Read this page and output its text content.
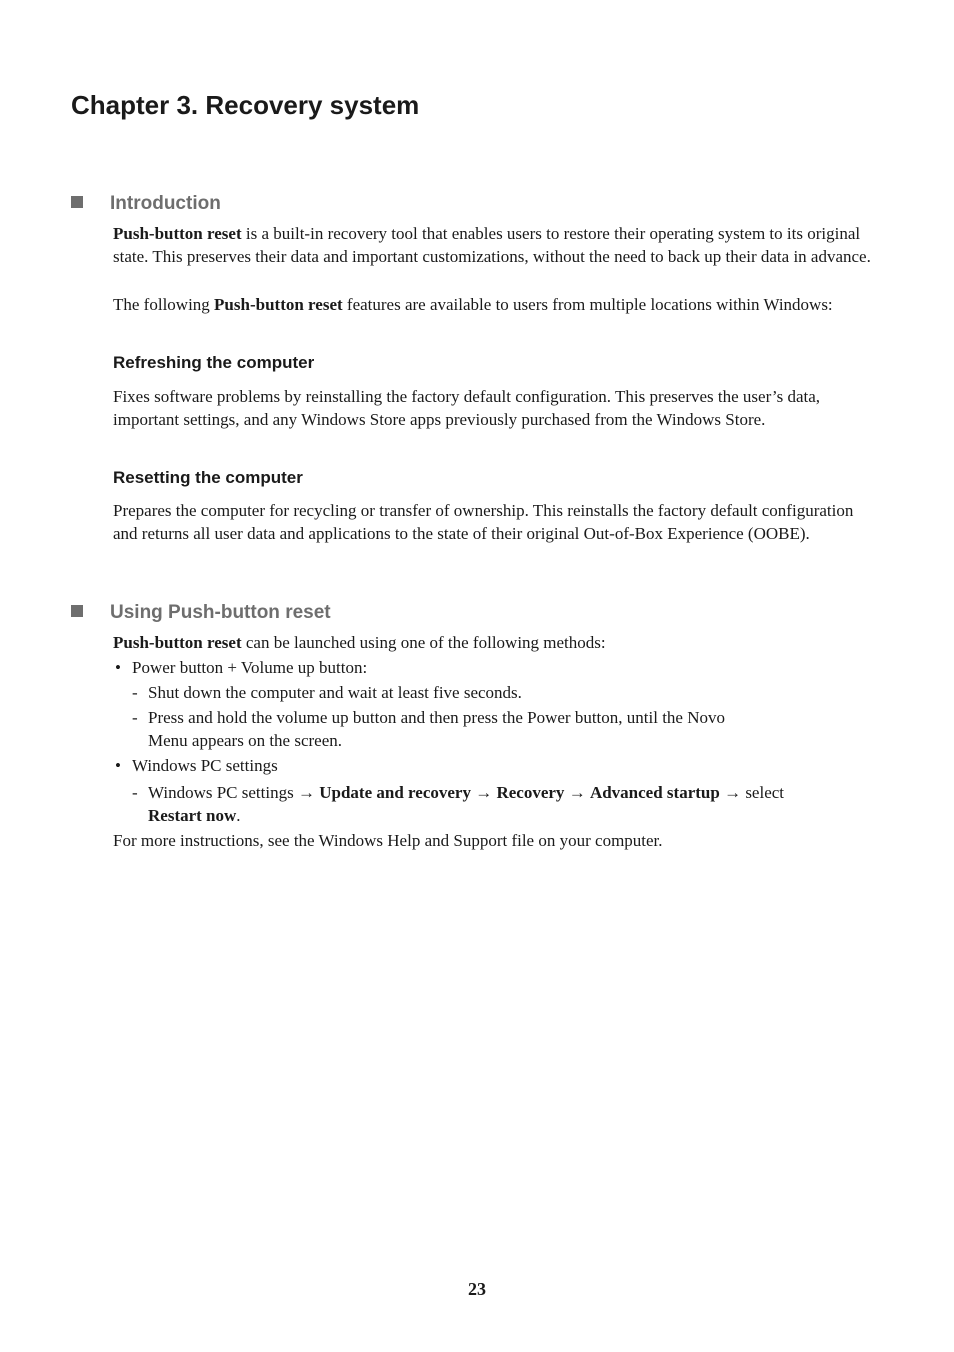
Chapter 3. Recovery system
Introduction

Push-button reset is a built-in recovery tool that enables users to restore their operating system to its original state. This preserves their data and important customizations, without the need to back up their data in advance.

The following Push-button reset features are available to users from multiple locations within Windows:

Refreshing the computer

Fixes software problems by reinstalling the factory default configuration. This preserves the user’s data, important settings, and any Windows Store apps previously purchased from the Windows Store.

Resetting the computer

Prepares the computer for recycling or transfer of ownership. This reinstalls the factory default configuration and returns all user data and applications to the state of their original Out-of-Box Experience (OOBE).

Using Push-button reset

Push-button reset can be launched using one of the following methods:

• Power button + Volume up button:

- Shut down the computer and wait at least five seconds.

- Press and hold the volume up button and then press the Power button, until the Novo

Menu appears on the screen.

• Windows PC settings

- Windows PC settings → Update and recovery → Recovery → Advanced startup → select

Restart now.

For more instructions, see the Windows Help and Support file on your computer.

23
